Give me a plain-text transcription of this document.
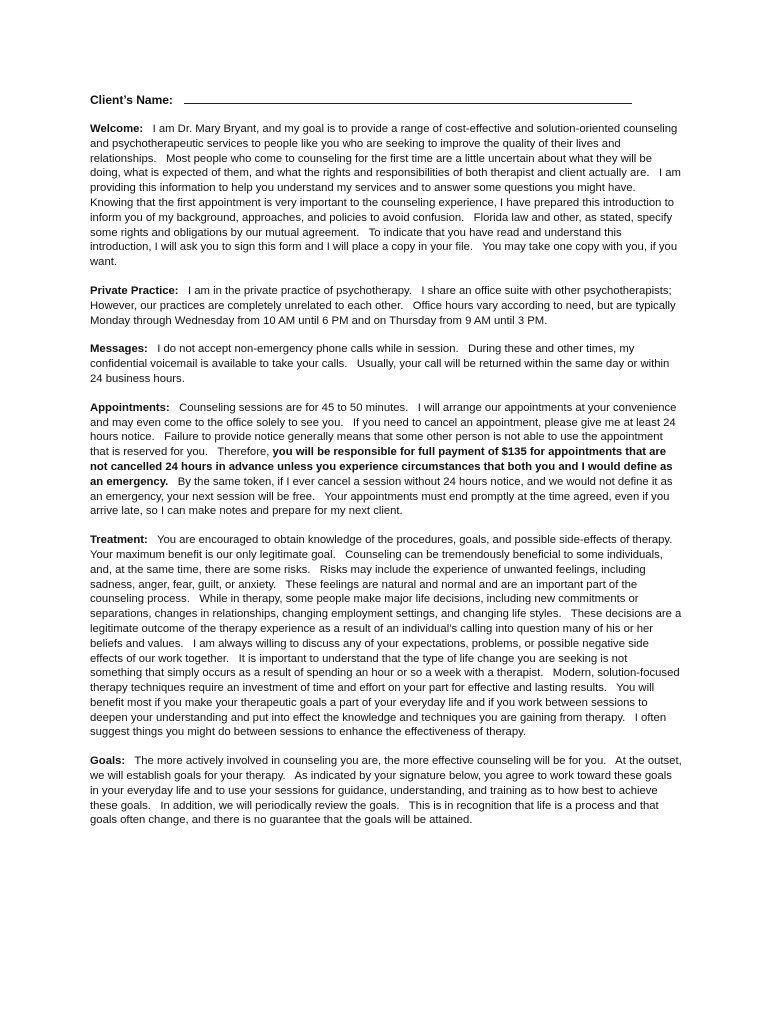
Client’s Name:

Welcome:   I am Dr. Mary Bryant, and my goal is to provide a range of cost-effective and solution-oriented counseling and psychotherapeutic services to people like you who are seeking to improve the quality of their lives and relationships.   Most people who come to counseling for the first time are a little uncertain about what they will be doing, what is expected of them, and what the rights and responsibilities of both therapist and client actually are.   I am providing this information to help you understand my services and to answer some questions you might have.   Knowing that the first appointment is very important to the counseling experience, I have prepared this introduction to inform you of my background, approaches, and policies to avoid confusion.   Florida law and other, as stated, specify some rights and obligations by our mutual agreement.   To indicate that you have read and understand this introduction, I will ask you to sign this form and I will place a copy in your file.   You may take one copy with you, if you want.

Private Practice:   I am in the private practice of psychotherapy.   I share an office suite with other psychotherapists;  However, our practices are completely unrelated to each other.   Office hours vary according to need, but are typically Monday through Wednesday from 10 AM until 6 PM and on Thursday from 9 AM until 3 PM.

Messages:   I do not accept non-emergency phone calls while in session.   During these and other times, my confidential voicemail is available to take your calls.   Usually, your call will be returned within the same day or within 24 business hours.

Appointments:   Counseling sessions are for 45 to 50 minutes.   I will arrange our appointments at your convenience and may even come to the office solely to see you.   If you need to cancel an appointment, please give me at least 24 hours notice.   Failure to provide notice generally means that some other person is not able to use the appointment that is reserved for you.   Therefore, you will be responsible for full payment of $135 for appointments that are not cancelled 24 hours in advance unless you experience circumstances that both you and I would define as an emergency.   By the same token, if I ever cancel a session without 24 hours notice, and we would not define it as an emergency, your next session will be free.   Your appointments must end promptly at the time agreed, even if you arrive late, so I can make notes and prepare for my next client.

Treatment:   You are encouraged to obtain knowledge of the procedures, goals, and possible side-effects of therapy.   Your maximum benefit is our only legitimate goal.   Counseling can be tremendously beneficial to some individuals, and, at the same time, there are some risks.   Risks may include the experience of unwanted feelings, including sadness, anger, fear, guilt, or anxiety.   These feelings are natural and normal and are an important part of the counseling process.   While in therapy, some people make major life decisions, including new commitments or separations, changes in relationships, changing employment settings, and changing life styles.   These decisions are a legitimate outcome of the therapy experience as a result of an individual’s calling into question many of his or her beliefs and values.   I am always willing to discuss any of your expectations, problems, or possible negative side effects of our work together.   It is important to understand that the type of life change you are seeking is not something that simply occurs as a result of spending an hour or so a week with a therapist.   Modern, solution-focused therapy techniques require an investment of time and effort on your part for effective and lasting results.   You will benefit most if you make your therapeutic goals a part of your everyday life and if you work between sessions to deepen your understanding and put into effect the knowledge and techniques you are gaining from therapy.   I often suggest things you might do between sessions to enhance the effectiveness of therapy.

Goals:   The more actively involved in counseling you are, the more effective counseling will be for you.   At the outset, we will establish goals for your therapy.   As indicated by your signature below, you agree to work toward these goals in your everyday life and to use your sessions for guidance, understanding, and training as to how best to achieve these goals.   In addition, we will periodically review the goals.   This is in recognition that life is a process and that goals often change, and there is no guarantee that the goals will be attained.
